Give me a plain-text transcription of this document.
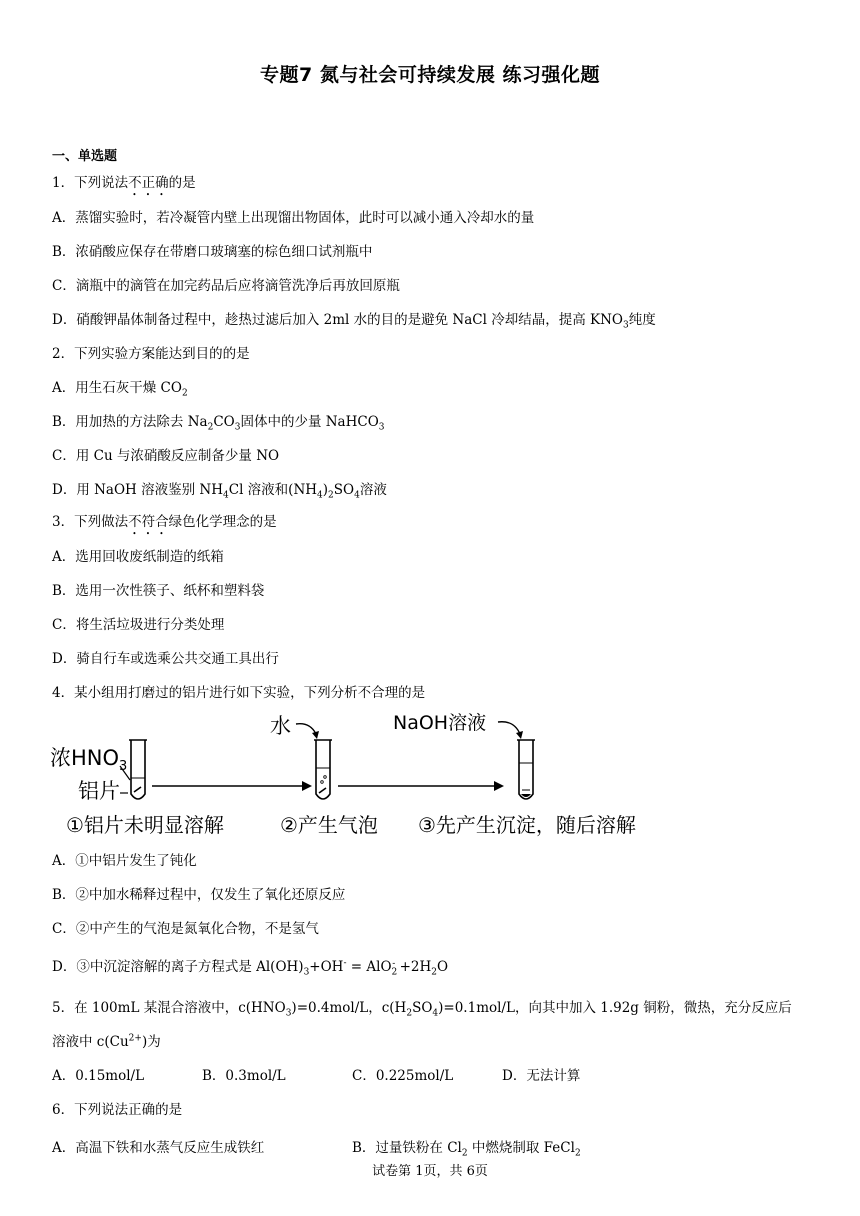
专题7 氮与社会可持续发展 练习强化题
一、单选题
1．下列说法不正确的是
A．蒸馏实验时，若冷凝管内壁上出现馏出物固体，此时可以减小通入冷却水的量
B．浓硝酸应保存在带磨口玻璃塞的棕色细口试剂瓶中
C．滴瓶中的滴管在加完药品后应将滴管洗净后再放回原瓶
D．硝酸钾晶体制备过程中，趁热过滤后加入 2ml 水的目的是避免 NaCl 冷却结晶，提高 $KNO_3$纯度
2．下列实验方案能达到目的的是
A．用生石灰干燥 $CO_2$
B．用加热的方法除去 $Na_2CO_3$固体中的少量 NaHCO$_3$
C．用 Cu 与浓硝酸反应制备少量 NO
D．用 NaOH 溶液鉴别 $NH_4Cl$ 溶液和$(NH_4)_2SO_4$溶液
3．下列做法不符合绿色化学理念的是
A．选用回收废纸制造的纸箱
B．选用一次性筷子、纸杯和塑料袋
C．将生活垃圾进行分类处理
D．骑自行车或选乘公共交通工具出行
4．某小组用打磨过的铝片进行如下实验，下列分析不合理的是
浓$HNO_3$
铝片
水	NaOH溶液
①铝片未明显溶解	②产生气泡 ③先产生沉淀，随后溶解
A．①中铝片发生了钝化
B．②中加水稀释过程中，仅发生了氧化还原反应
C．②中产生的气泡是氮氧化合物，不是氢气
D．③中沉淀溶解的离子方程式是 $Al(OH)_3+OH^- = AlO_2^- +2H_2O$
5．在 100mL 某混合溶液中，$c(HNO_3)=0.4mol/L$，$c(H_2SO_4)=0.1mol/L$，向其中加入 1.92g 铜粉，微热，充分反应后
溶液中 $c(Cu^{2+})$为
A．0.15mol/L	B．0.3mol/L	C．0.225mol/L	D．无法计算
6．下列说法正确的是
A．高温下铁和水蒸气反应生成铁红	B．过量铁粉在 $Cl_2$ 中燃烧制取 FeCl$_2$
试卷第 1页，共 6页
